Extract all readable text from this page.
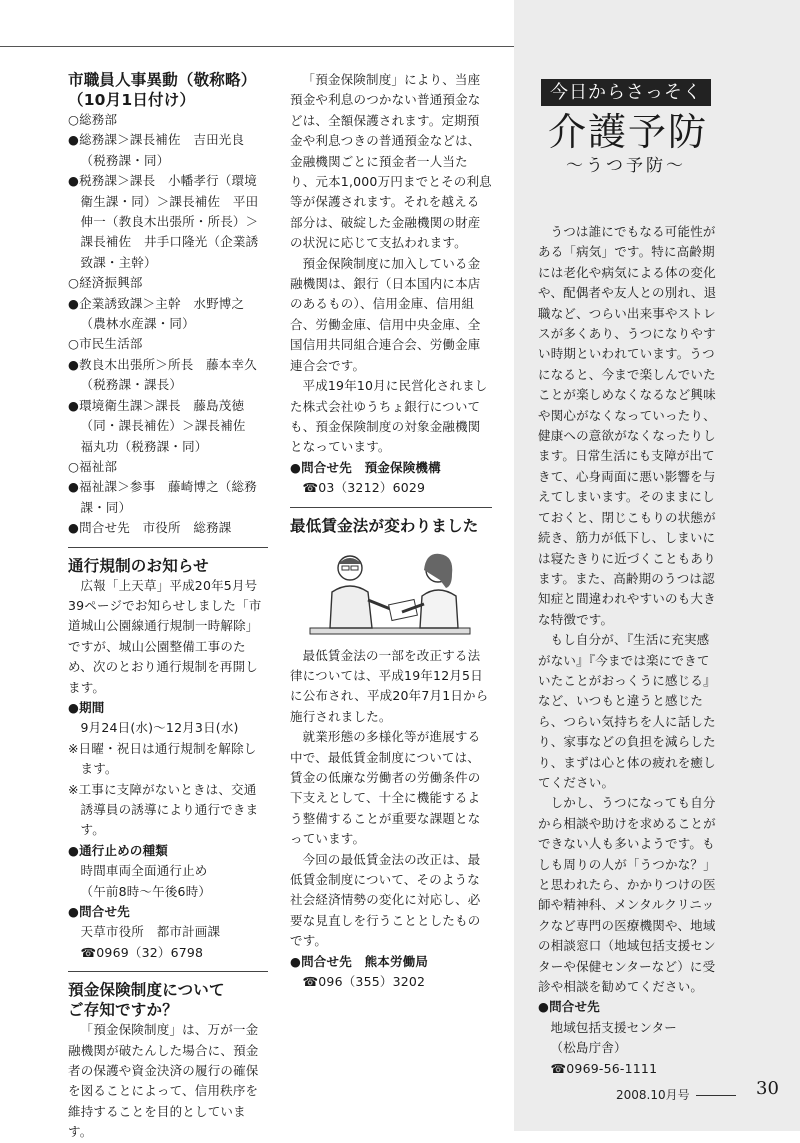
市職員人事異動（敬称略）
（10月1日付け）

○総務部

●総務課＞課長補佐　吉田光良（税務課・同）

●税務課＞課長　小幡孝行（環境衛生課・同）＞課長補佐　平田伸一（教良木出張所・所長）＞課長補佐　井手口隆光（企業誘致課・主幹）

○経済振興部

●企業誘致課＞主幹　水野博之（農林水産課・同）

○市民生活部

●教良木出張所＞所長　藤本幸久（税務課・課長）

●環境衛生課＞課長　藤島茂徳（同・課長補佐）＞課長補佐　福丸功（税務課・同）

○福祉部

●福祉課＞参事　藤崎博之（総務課・同）

●問合せ先　市役所　総務課

通行規制のお知らせ

広報「上天草」平成20年5月号39ページでお知らせしました「市道城山公園線通行規制一時解除」ですが、城山公園整備工事のため、次のとおり通行規制を再開します。

●期間

9月24日(水)～12月3日(水)

※日曜・祝日は通行規制を解除します。

※工事に支障がないときは、交通誘導員の誘導により通行できます。

●通行止めの種類

時間車両全面通行止め

（午前8時～午後6時）

●問合せ先

天草市役所　都市計画課

☎0969（32）6798

預金保険制度について
ご存知ですか？

「預金保険制度」は、万が一金融機関が破たんした場合に、預金者の保護や資金決済の履行の確保を図ることによって、信用秩序を維持することを目的としています。

「預金保険制度」により、当座預金や利息のつかない普通預金などは、全額保護されます。定期預金や利息つきの普通預金などは、金融機関ごとに預金者一人当たり、元本1,000万円までとその利息等が保護されます。それを越える部分は、破綻した金融機関の財産の状況に応じて支払われます。

預金保険制度に加入している金融機関は、銀行（日本国内に本店のあるもの）、信用金庫、信用組合、労働金庫、信用中央金庫、全国信用共同組合連合会、労働金庫連合会です。

平成19年10月に民営化されました株式会社ゆうちょ銀行についても、預金保険制度の対象金融機関となっています。

●問合せ先　預金保険機構

☎03（3212）6029

最低賃金法が変わりました

最低賃金法の一部を改正する法律については、平成19年12月5日に公布され、平成20年7月1日から施行されました。

就業形態の多様化等が進展する中で、最低賃金制度については、賃金の低廉な労働者の労働条件の下支えとして、十全に機能するよう整備することが重要な課題となっています。

今回の最低賃金法の改正は、最低賃金制度について、そのような社会経済情勢の変化に対応し、必要な見直しを行うこととしたものです。

●問合せ先　熊本労働局

☎096（355）3202

今日からさっそく
介護予防
～うつ予防～

うつは誰にでもなる可能性がある「病気」です。特に高齢期には老化や病気による体の変化や、配偶者や友人との別れ、退職など、つらい出来事やストレスが多くあり、うつになりやすい時期といわれています。うつになると、今まで楽しんでいたことが楽しめなくなるなど興味や関心がなくなっていったり、健康への意欲がなくなったりします。日常生活にも支障が出てきて、心身両面に悪い影響を与えてしまいます。そのままにしておくと、閉じこもりの状態が続き、筋力が低下し、しまいには寝たきりに近づくこともあります。また、高齢期のうつは認知症と間違われやすいのも大きな特徴です。

もし自分が、『生活に充実感がない』『今までは楽にできていたことがおっくうに感じる』など、いつもと違うと感じたら、つらい気持ちを人に話したり、家事などの負担を減らしたり、まずは心と体の疲れを癒してください。

しかし、うつになっても自分から相談や助けを求めることができない人も多いようです。もしも周りの人が「うつかな？」と思われたら、かかりつけの医師や精神科、メンタルクリニックなど専門の医療機関や、地域の相談窓口（地域包括支援センターや保健センターなど）に受診や相談を勧めてください。

●問合せ先

地域包括支援センター

（松島庁舎）

☎0969-56-1111

2008.10月号	30
